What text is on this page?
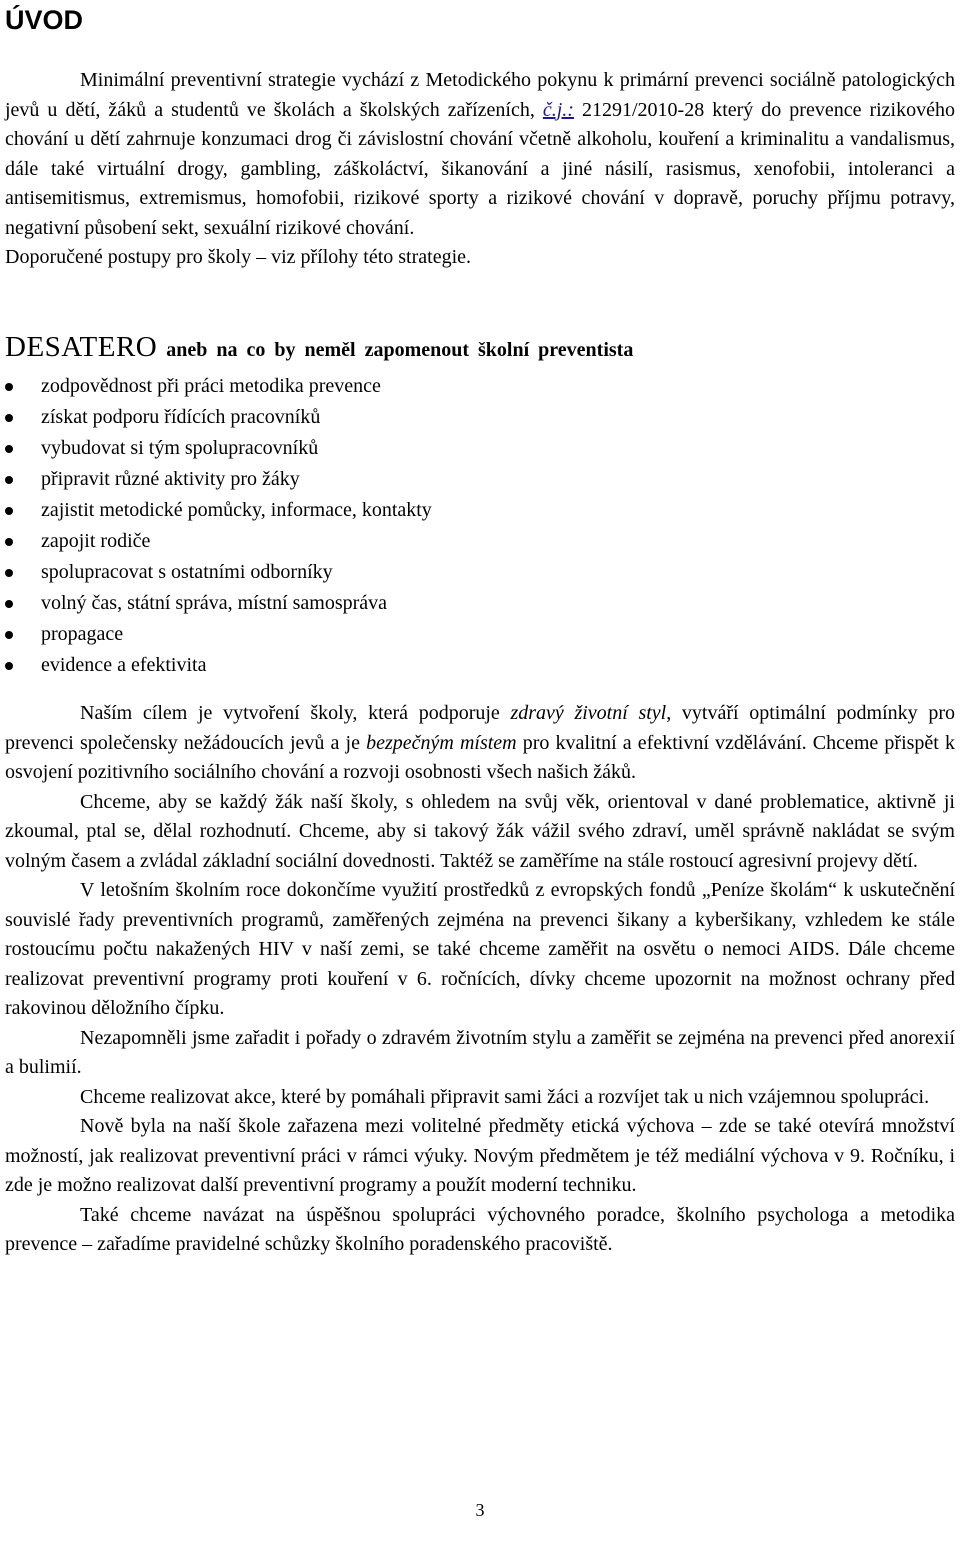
ÚVOD

Minimální preventivní strategie vychází z Metodického pokynu k primární prevenci sociálně patologických jevů u dětí, žáků a studentů ve školách a školských zařízeních, č.j.: 21291/2010-28 který do prevence rizikového chování u dětí zahrnuje konzumaci drog či závislostní chování včetně alkoholu, kouření a kriminalitu a vandalismus, dále také virtuální drogy, gambling, záškoláctví, šikanování a jiné násilí, rasismus, xenofobii, intoleranci a antisemitismus, extremismus, homofobii, rizikové sporty a rizikové chování v dopravě, poruchy příjmu potravy, negativní působení sekt, sexuální rizikové chování.

Doporučené postupy pro školy – viz přílohy této strategie.

DESATERO aneb na co by neměl zapomenout školní preventista

zodpovědnost při práci metodika prevence
získat podporu řídících pracovníků
vybudovat si tým spolupracovníků
připravit různé aktivity pro žáky
zajistit metodické pomůcky, informace, kontakty
zapojit rodiče
spolupracovat s ostatními odborníky
volný čas, státní správa, místní samospráva
propagace
evidence a efektivita

Naším cílem je vytvoření školy, která podporuje zdravý životní styl, vytváří optimální podmínky pro prevenci společensky nežádoucích jevů a je bezpečným místem pro kvalitní a efektivní vzdělávání. Chceme přispět k osvojení pozitivního sociálního chování a rozvoji osobnosti všech našich žáků.

Chceme, aby se každý žák naší školy, s ohledem na svůj věk, orientoval v dané problematice, aktivně ji zkoumal, ptal se, dělal rozhodnutí. Chceme, aby si takový žák vážil svého zdraví, uměl správně nakládat se svým volným časem a zvládal základní sociální dovednosti. Taktéž se zaměříme na stále rostoucí agresivní projevy dětí.

V letošním školním roce dokončíme využití prostředků z evropských fondů „Peníze školám“ k uskutečnění souvislé řady preventivních programů, zaměřených zejména na prevenci šikany a kyberšikany, vzhledem ke stále rostoucímu počtu nakažených HIV v naší zemi, se také chceme zaměřit na osvětu o nemoci AIDS. Dále chceme realizovat preventivní programy proti kouření v 6. ročnících, dívky chceme upozornit na možnost ochrany před rakovinou děložního čípku.

Nezapomněli jsme zařadit i pořady o zdravém životním stylu a zaměřit se zejména na prevenci před anorexií a bulimií.

Chceme realizovat akce, které by pomáhali připravit sami žáci a rozvíjet tak u nich vzájemnou spolupráci.

Nově byla na naší škole zařazena mezi volitelné předměty etická výchova – zde se také otevírá množství možností, jak realizovat preventivní práci v rámci výuky. Novým předmětem je též mediální výchova v 9. Ročníku, i zde je možno realizovat další preventivní programy a použít moderní techniku.

Také chceme navázat na úspěšnou spolupráci výchovného poradce, školního psychologa a metodika prevence – zařadíme pravidelné schůzky školního poradenského pracoviště.

3
